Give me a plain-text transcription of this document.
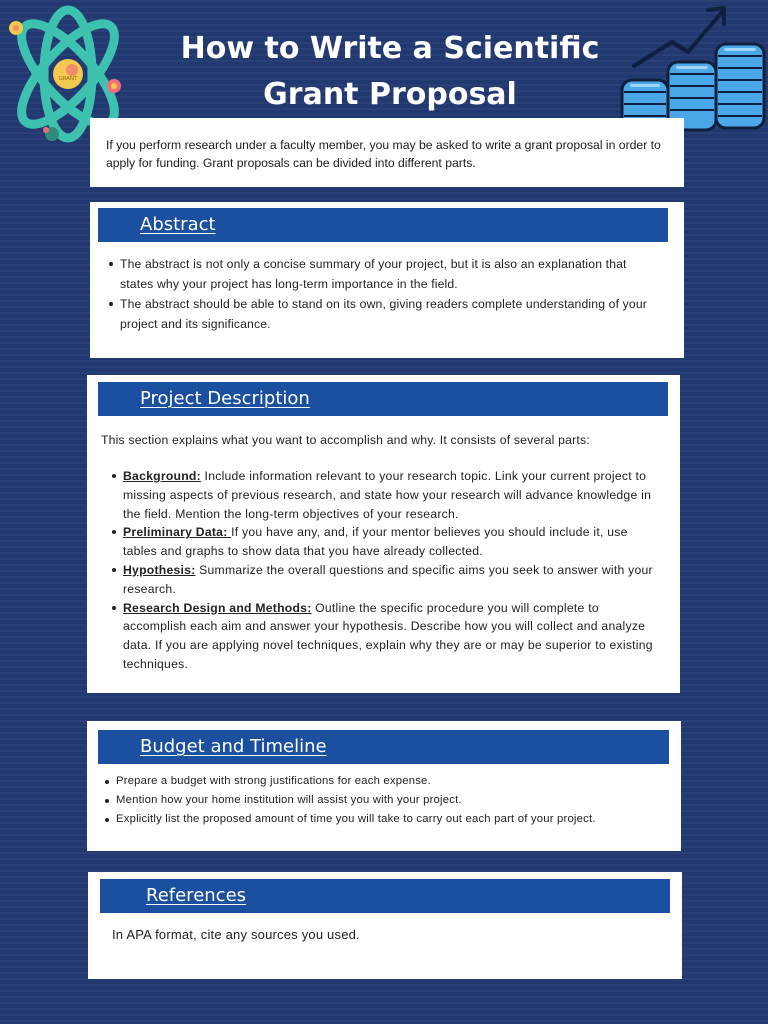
GRANT
How to Write a Scientific
Grant Proposal

If you perform research under a faculty member, you may be asked to write a grant proposal in order to apply for funding. Grant proposals can be divided into different parts.

Abstract
The abstract is not only a concise summary of your project, but it is also an explanation that states why your project has long-term importance in the field.
The abstract should be able to stand on its own, giving readers complete understanding of your project and its significance.
Project Description

This section explains what you want to accomplish and why. It consists of several parts:

Background: Include information relevant to your research topic. Link your current project to missing aspects of previous research, and state how your research will advance knowledge in the field. Mention the long-term objectives of your research.
Preliminary Data: If you have any, and, if your mentor believes you should include it, use tables and graphs to show data that you have already collected.
Hypothesis: Summarize the overall questions and specific aims you seek to answer with your research.
Research Design and Methods: Outline the specific procedure you will complete to accomplish each aim and answer your hypothesis. Describe how you will collect and analyze data. If you are applying novel techniques, explain why they are or may be superior to existing techniques.
Budget and Timeline
Prepare a budget with strong justifications for each expense.
Mention how your home institution will assist you with your project.
Explicitly list the proposed amount of time you will take to carry out each part of your project.
References

In APA format, cite any sources you used.
